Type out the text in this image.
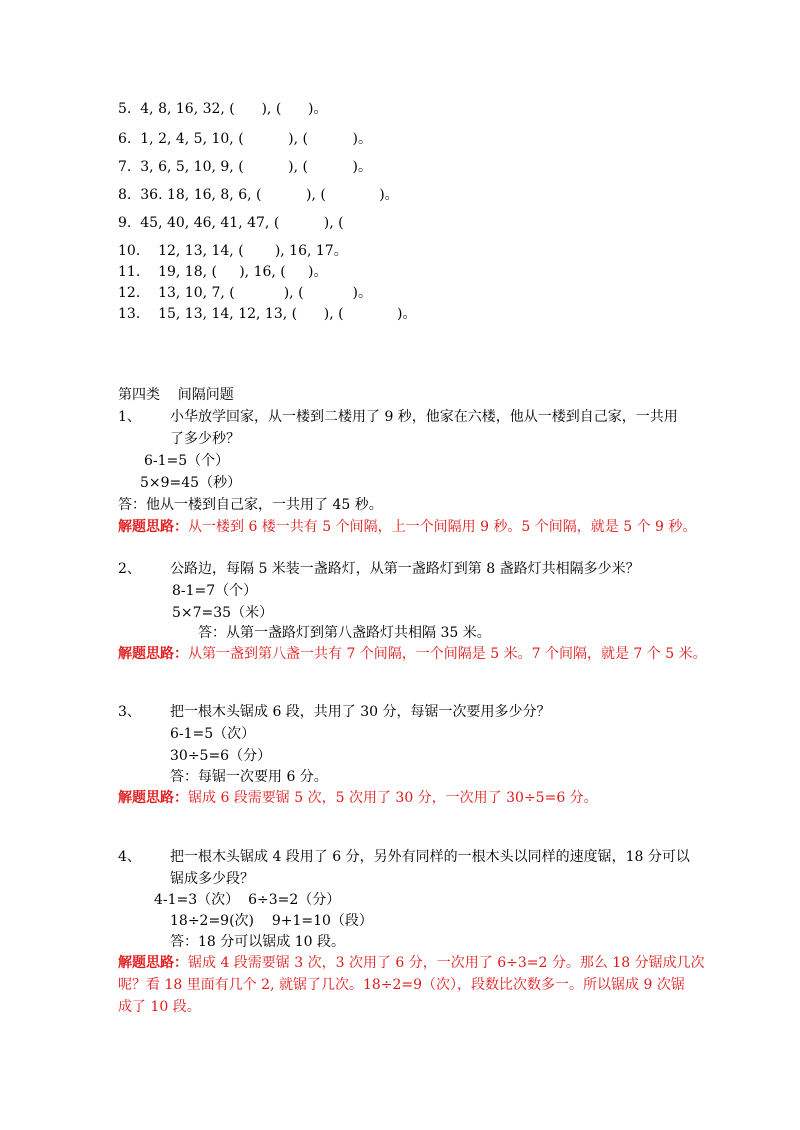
5.  4, 8, 16, 32, (      ), (      )。
6.  1, 2, 4, 5, 10, (          ), (          )。
7.  3, 6, 5, 10, 9, (          ), (          )。
8.  36. 18, 16, 8, 6, (          ), (            )。
9.  45, 40, 46, 41, 47, (          ), (
10.    12, 13, 14, (       ), 16, 17。
11.    19, 18, (     ), 16, (     )。
12.    13, 10, 7, (           ), (           )。
13.    15, 13, 14, 12, 13, (      ), (            )。
第四类    间隔问题
1、 小华放学回家，从一楼到二楼用了 9 秒，他家在六楼，他从一楼到自己家，一共用
了多少秒？
6-1=5（个）
5×9=45（秒）
答：他从一楼到自己家，一共用了 45 秒。
解题思路：从一楼到 6 楼一共有 5 个间隔，上一个间隔用 9 秒。5 个间隔，就是 5 个 9 秒。
2、 公路边，每隔 5 米装一盏路灯，从第一盏路灯到第 8 盏路灯共相隔多少米？
8-1=7（个）
5×7=35（米）
答：从第一盏路灯到第八盏路灯共相隔 35 米。
解题思路：从第一盏到第八盏一共有 7 个间隔，一个间隔是 5 米。7 个间隔，就是 7 个 5 米。
3、 把一根木头锯成 6 段，共用了 30 分，每锯一次要用多少分？
6-1=5（次）
30÷5=6（分）
答：每锯一次要用 6 分。
解题思路：锯成 6 段需要锯 5 次，5 次用了 30 分，一次用了 30÷5=6 分。
4、 把一根木头锯成 4 段用了 6 分，另外有同样的一根木头以同样的速度锯，18 分可以
锯成多少段？
4-1=3（次）  6÷3=2（分）
18÷2=9(次)    9+1=10（段）
答：18 分可以锯成 10 段。
解题思路：锯成 4 段需要锯 3 次，3 次用了 6 分，一次用了 6÷3=2 分。那么 18 分锯成几次
呢？看 18 里面有几个 2, 就锯了几次。18÷2=9（次），段数比次数多一。所以锯成 9 次锯
成了 10 段。
